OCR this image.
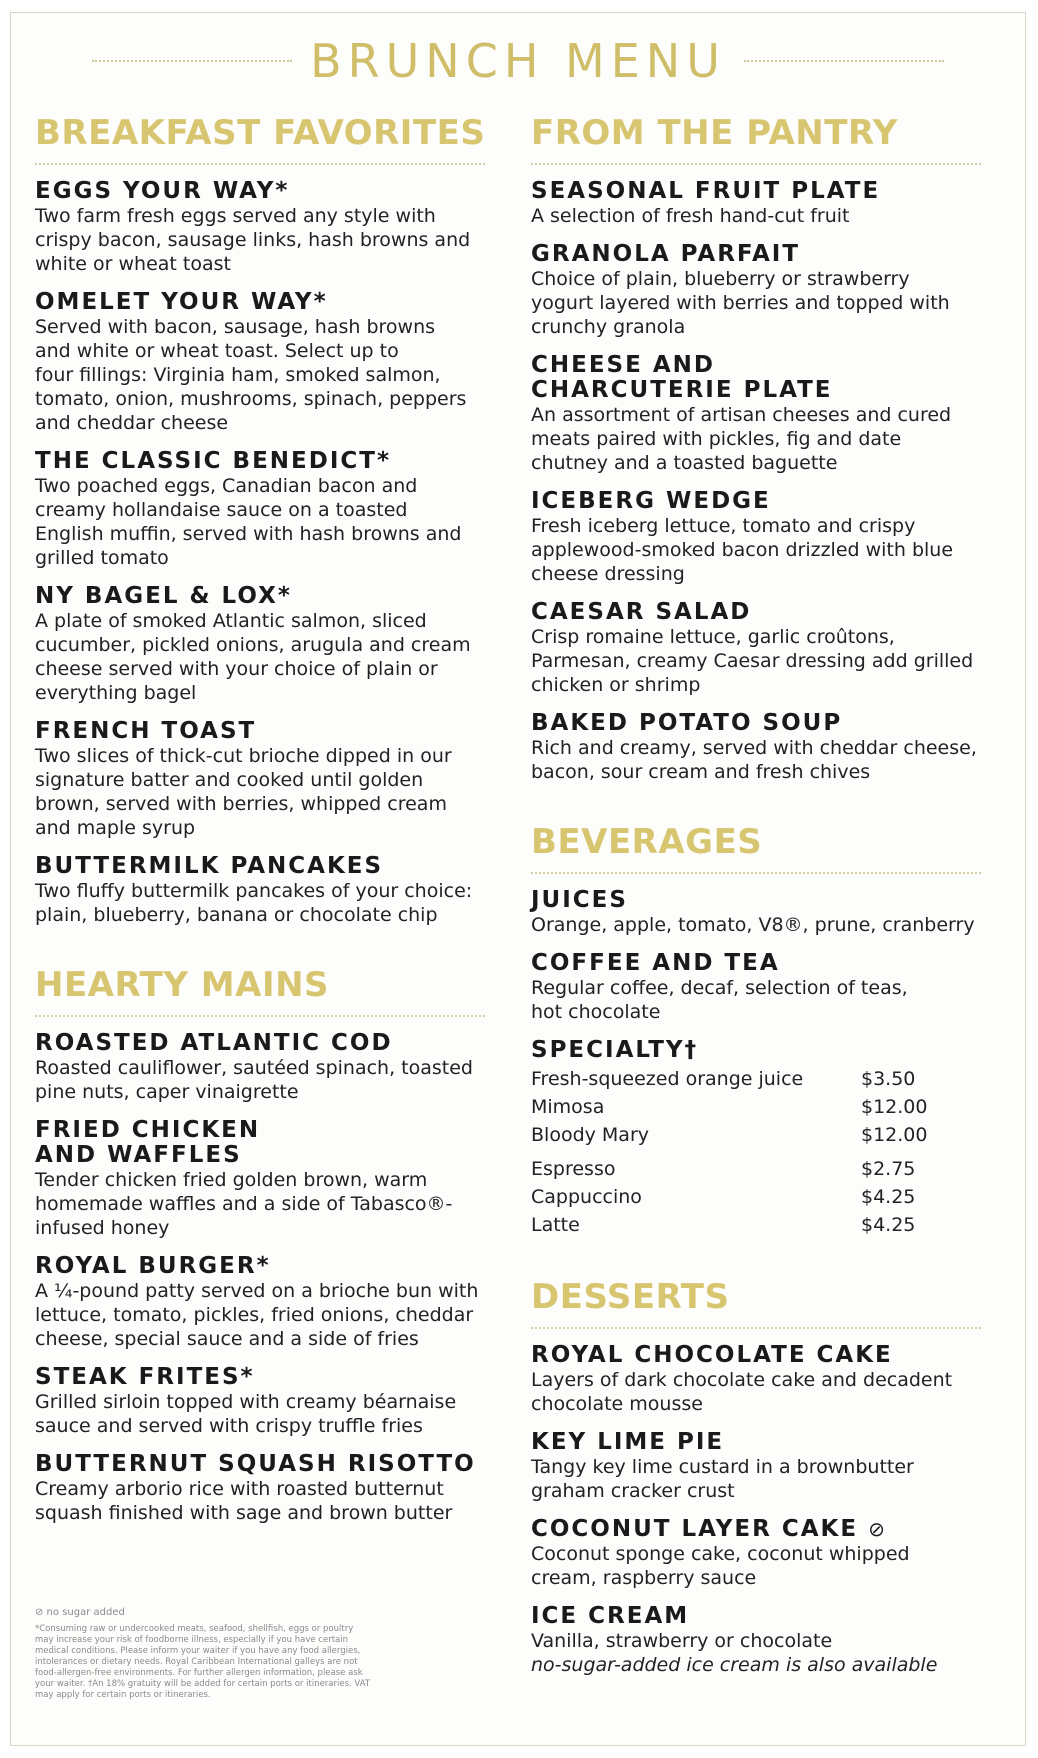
BRUNCH MENU
BREAKFAST FAVORITES
EGGS YOUR WAY*
Two farm fresh eggs served any style with
crispy bacon, sausage links, hash browns and
white or wheat toast
OMELET YOUR WAY*
Served with bacon, sausage, hash browns
and white or wheat toast. Select up to
four fillings: Virginia ham, smoked salmon,
tomato, onion, mushrooms, spinach, peppers
and cheddar cheese
THE CLASSIC BENEDICT*
Two poached eggs, Canadian bacon and
creamy hollandaise sauce on a toasted
English muffin, served with hash browns and
grilled tomato
NY BAGEL & LOX*
A plate of smoked Atlantic salmon, sliced
cucumber, pickled onions, arugula and cream
cheese served with your choice of plain or
everything bagel
FRENCH TOAST
Two slices of thick-cut brioche dipped in our
signature batter and cooked until golden
brown, served with berries, whipped cream
and maple syrup
BUTTERMILK PANCAKES
Two fluffy buttermilk pancakes of your choice:
plain, blueberry, banana or chocolate chip
HEARTY MAINS
ROASTED ATLANTIC COD
Roasted cauliflower, sautéed spinach, toasted
pine nuts, caper vinaigrette
FRIED CHICKEN
AND WAFFLES
Tender chicken fried golden brown, warm
homemade waffles and a side of Tabasco®-
infused honey
ROYAL BURGER*
A ¼-pound patty served on a brioche bun with
lettuce, tomato, pickles, fried onions, cheddar
cheese, special sauce and a side of fries
STEAK FRITES*
Grilled sirloin topped with creamy béarnaise
sauce and served with crispy truffle fries
BUTTERNUT SQUASH RISOTTO
Creamy arborio rice with roasted butternut
squash finished with sage and brown butter
FROM THE PANTRY
SEASONAL FRUIT PLATE
A selection of fresh hand-cut fruit
GRANOLA PARFAIT
Choice of plain, blueberry or strawberry
yogurt layered with berries and topped with
crunchy granola
CHEESE AND
CHARCUTERIE PLATE
An assortment of artisan cheeses and cured
meats paired with pickles, fig and date
chutney and a toasted baguette
ICEBERG WEDGE
Fresh iceberg lettuce, tomato and crispy
applewood-smoked bacon drizzled with blue
cheese dressing
CAESAR SALAD
Crisp romaine lettuce, garlic croûtons,
Parmesan, creamy Caesar dressing add grilled
chicken or shrimp
BAKED POTATO SOUP
Rich and creamy, served with cheddar cheese,
bacon, sour cream and fresh chives
BEVERAGES
JUICES
Orange, apple, tomato, V8®, prune, cranberry
COFFEE AND TEA
Regular coffee, decaf, selection of teas,
hot chocolate
SPECIALTY†
Fresh-squeezed orange juice	$3.50
Mimosa	$12.00
Bloody Mary	$12.00

Espresso	$2.75
Cappuccino	$4.25
Latte	$4.25
DESSERTS
ROYAL CHOCOLATE CAKE
Layers of dark chocolate cake and decadent
chocolate mousse
KEY LIME PIE
Tangy key lime custard in a brownbutter
graham cracker crust
COCONUT LAYER CAKE ⊘
Coconut sponge cake, coconut whipped
cream, raspberry sauce
ICE CREAM
Vanilla, strawberry or chocolate
no-sugar-added ice cream is also available
⊘ no sugar added
*Consuming raw or undercooked meats, seafood, shellfish, eggs or poultry
may increase your risk of foodborne illness, especially if you have certain
medical conditions. Please inform your waiter if you have any food allergies,
intolerances or dietary needs. Royal Caribbean International galleys are not
food-allergen-free environments. For further allergen information, please ask
your waiter. †An 18% gratuity will be added for certain ports or itineraries. VAT
may apply for certain ports or itineraries.
